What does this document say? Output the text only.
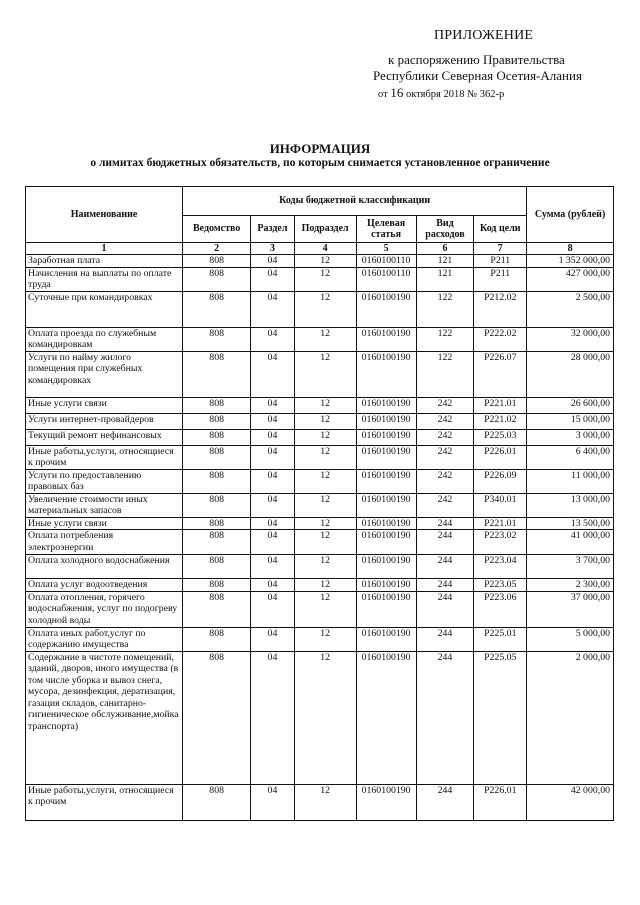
ПРИЛОЖЕНИЕ
к распоряжению Правительства
Республики Северная Осетия-Алания
от 16 октября 2018 № 362-р
ИНФОРМАЦИЯ
о лимитах бюджетных обязательств, по которым снимается установленное ограничение
Наименование	Коды бюджетной классификации						Сумма (рублей)
	Ведомство	Раздел	Подраздел	Целевая статья	Вид расходов	Код цели	
1	2	3	4	5	6	7	8
Заработная плата	808	04	12	0160100110	121	Р211	1 352 000,00
Начисления на выплаты по оплате труда	808	04	12	0160100110	121	Р211	427 000,00
Суточные при командировках	808	04	12	0160100190	122	Р212.02	2 500,00
Оплата проезда по служебным командировкам	808	04	12	0160100190	122	Р222.02	32 000,00
Услуги по найму жилого помещения при служебных командировках	808	04	12	0160100190	122	Р226.07	28 000,00
Иные услуги связи	808	04	12	0160100190	242	Р221.01	26 600,00
Услуги интернет-провайдеров	808	04	12	0160100190	242	Р221.02	15 000,00
Текущий ремонт нефинансовых	808	04	12	0160100190	242	Р225.03	3 000,00
Иные работы,услуги, относящиеся к прочим	808	04	12	0160100190	242	Р226.01	6 400,00
Услуги по предоставлению правовых баз	808	04	12	0160100190	242	Р226.09	11 000,00
Увеличение стоимости иных материальных запасов	808	04	12	0160100190	242	Р340.01	13 000,00
Иные услуги связи	808	04	12	0160100190	244	Р221.01	13 500,00
Оплата потребления электроэнергии	808	04	12	0160100190	244	Р223.02	41 000,00
Оплата холодного водоснабжения	808	04	12	0160100190	244	Р223.04	3 700,00
Оплата услуг водоотведения	808	04	12	0160100190	244	Р223.05	2 300,00
Оплата отопления, горячего водоснабжения, услуг по подогреву холодной воды	808	04	12	0160100190	244	Р223.06	37 000,00
Оплата иных работ,услуг по содержанию имущества	808	04	12	0160100190	244	Р225.01	5 000,00
Содержание в чистоте помещений, зданий, дворов, иного имущества (в том числе уборка и вывоз снега, мусора, дезинфекция, дератизация, газация складов, санитарно-гигиеническое обслуживание,мойка транспорта)	808	04	12	0160100190	244	Р225.05	2 000,00
Иные работы,услуги, относящиеся к прочим	808	04	12	0160100190	244	Р226.01	42 000,00
